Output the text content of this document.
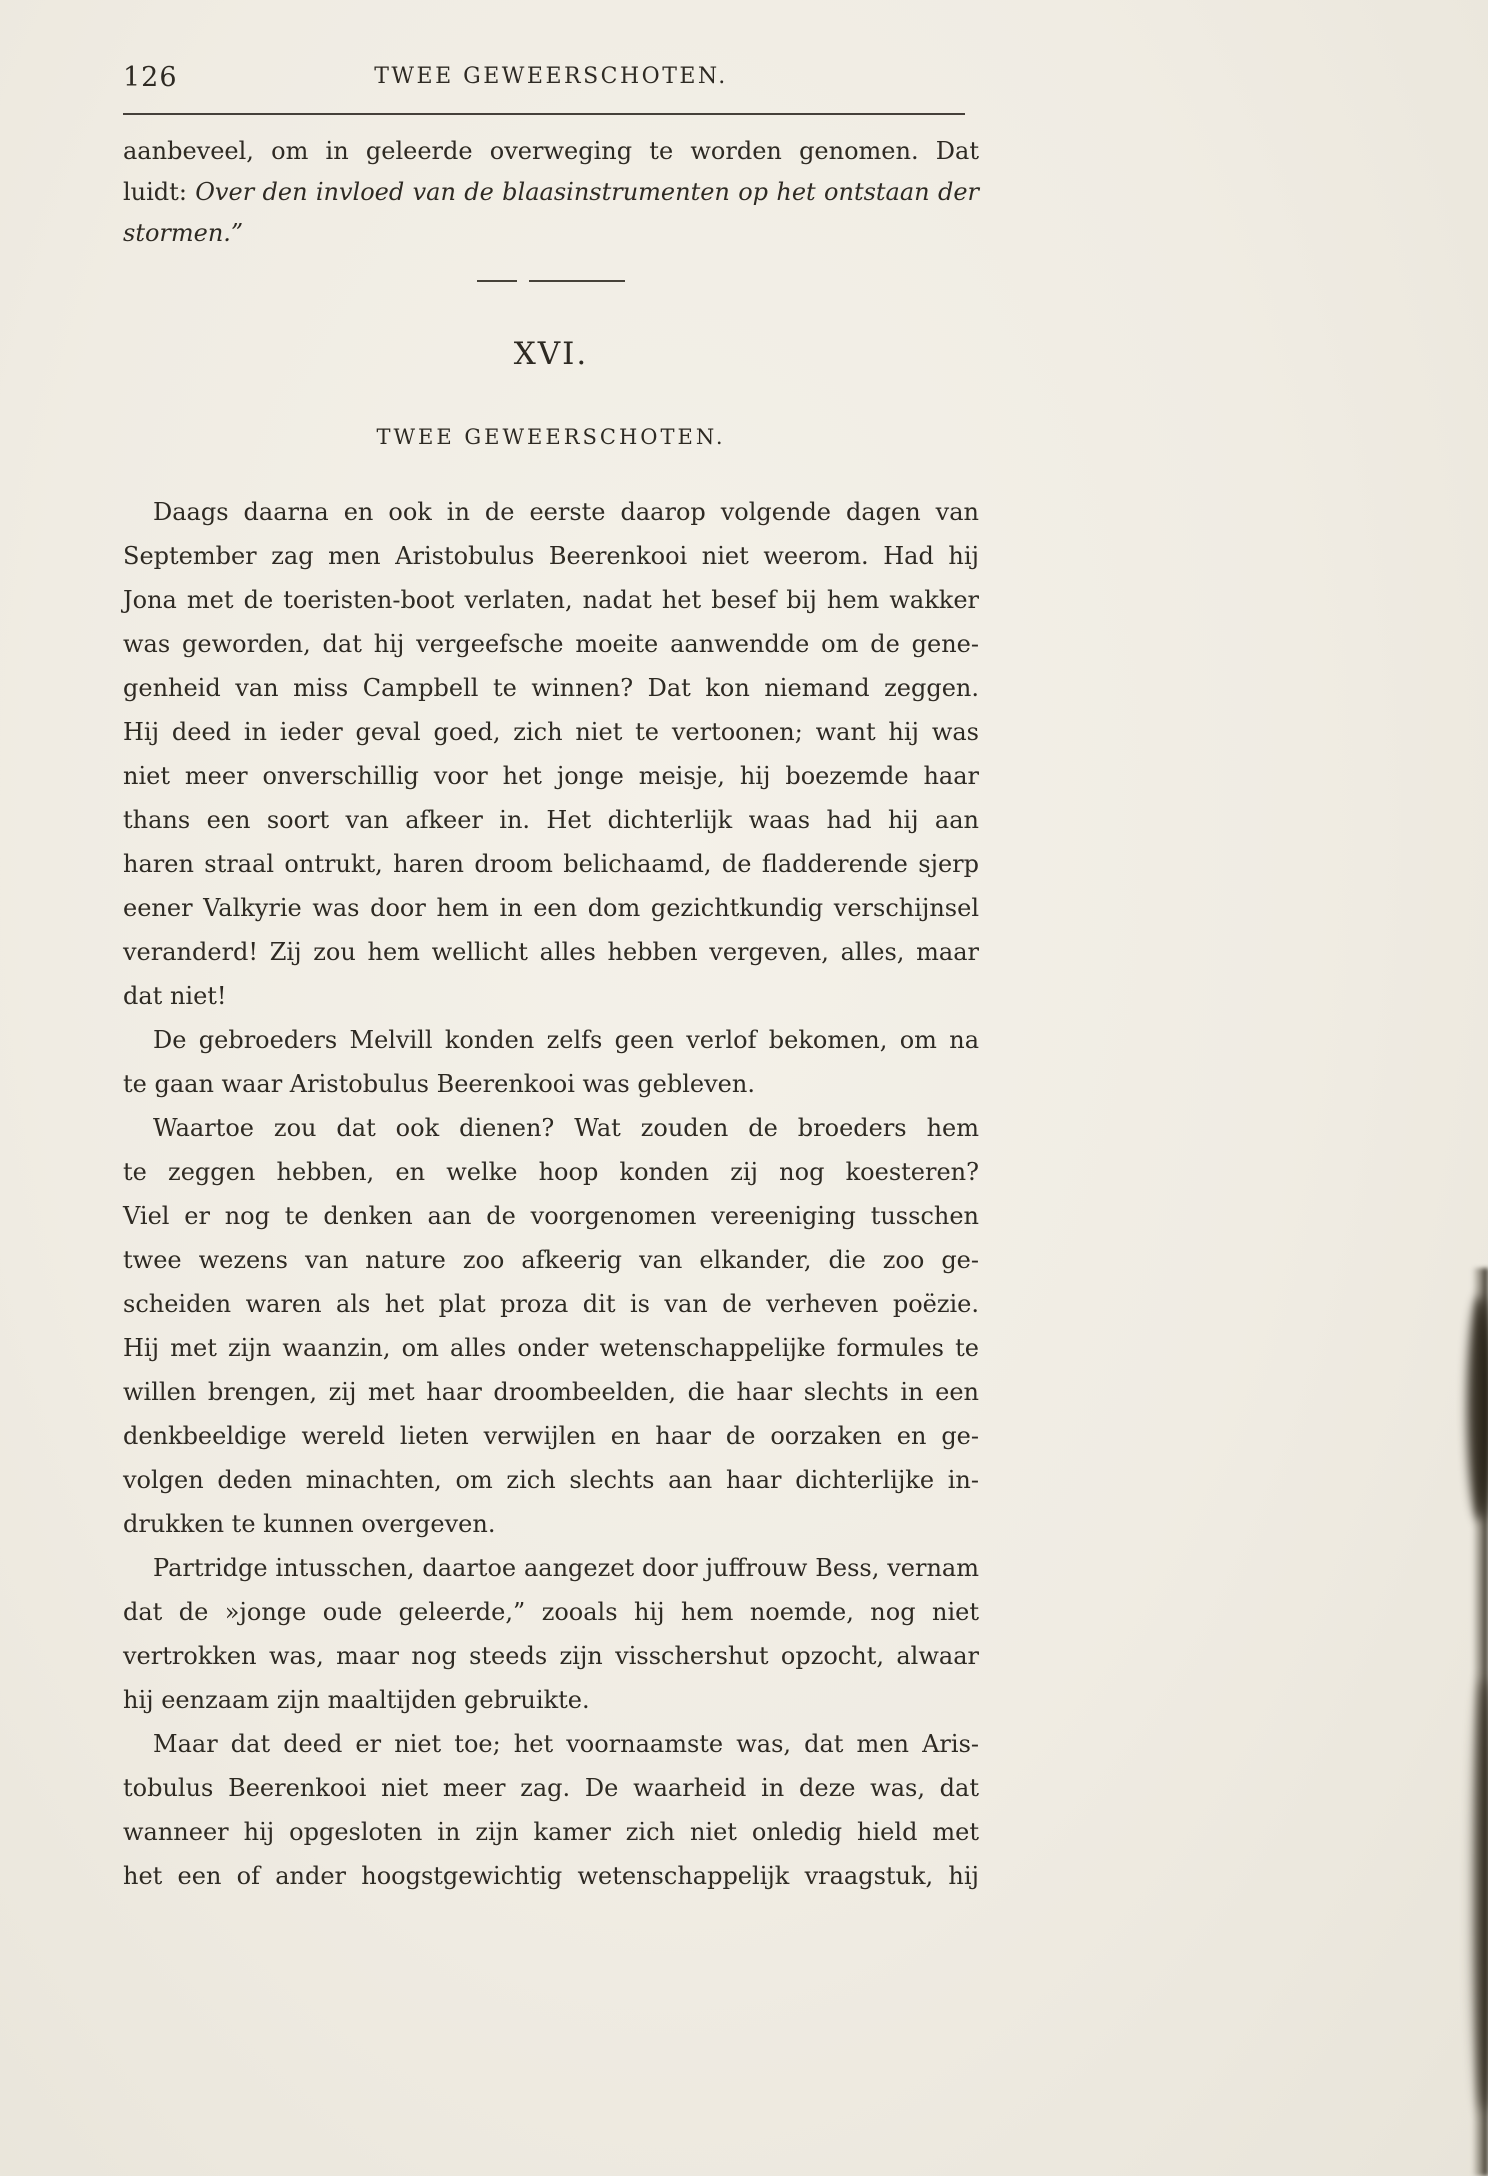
126	TWEE GEWEERSCHOTEN.
aanbeveel, om in geleerde overweging te worden genomen. Dat
luidt: Over den invloed van de blaasinstrumenten op het ontstaan der
stormen.”
XVI.
TWEE GEWEERSCHOTEN.
Daags daarna en ook in de eerste daarop volgende dagen van
September zag men Aristobulus Beerenkooi niet weerom. Had hij
Jona met de toeristen-boot verlaten, nadat het besef bij hem wakker
was geworden, dat hij vergeefsche moeite aanwendde om de gene-
genheid van miss Campbell te winnen? Dat kon niemand zeggen.
Hij deed in ieder geval goed, zich niet te vertoonen; want hij was
niet meer onverschillig voor het jonge meisje, hij boezemde haar
thans een soort van afkeer in. Het dichterlijk waas had hij aan
haren straal ontrukt, haren droom belichaamd, de fladderende sjerp
eener Valkyrie was door hem in een dom gezichtkundig verschijnsel
veranderd! Zij zou hem wellicht alles hebben vergeven, alles, maar
dat niet!
De gebroeders Melvill konden zelfs geen verlof bekomen, om na
te gaan waar Aristobulus Beerenkooi was gebleven.
Waartoe zou dat ook dienen? Wat zouden de broeders hem
te zeggen hebben, en welke hoop konden zij nog koesteren?
Viel er nog te denken aan de voorgenomen vereeniging tusschen
twee wezens van nature zoo afkeerig van elkander, die zoo ge-
scheiden waren als het plat proza dit is van de verheven poëzie.
Hij met zijn waanzin, om alles onder wetenschappelijke formules te
willen brengen, zij met haar droombeelden, die haar slechts in een
denkbeeldige wereld lieten verwijlen en haar de oorzaken en ge-
volgen deden minachten, om zich slechts aan haar dichterlijke in-
drukken te kunnen overgeven.
Partridge intusschen, daartoe aangezet door juffrouw Bess, vernam
dat de »jonge oude geleerde,” zooals hij hem noemde, nog niet
vertrokken was, maar nog steeds zijn visschershut opzocht, alwaar
hij eenzaam zijn maaltijden gebruikte.
Maar dat deed er niet toe; het voornaamste was, dat men Aris-
tobulus Beerenkooi niet meer zag. De waarheid in deze was, dat
wanneer hij opgesloten in zijn kamer zich niet onledig hield met
het een of ander hoogstgewichtig wetenschappelijk vraagstuk, hij
